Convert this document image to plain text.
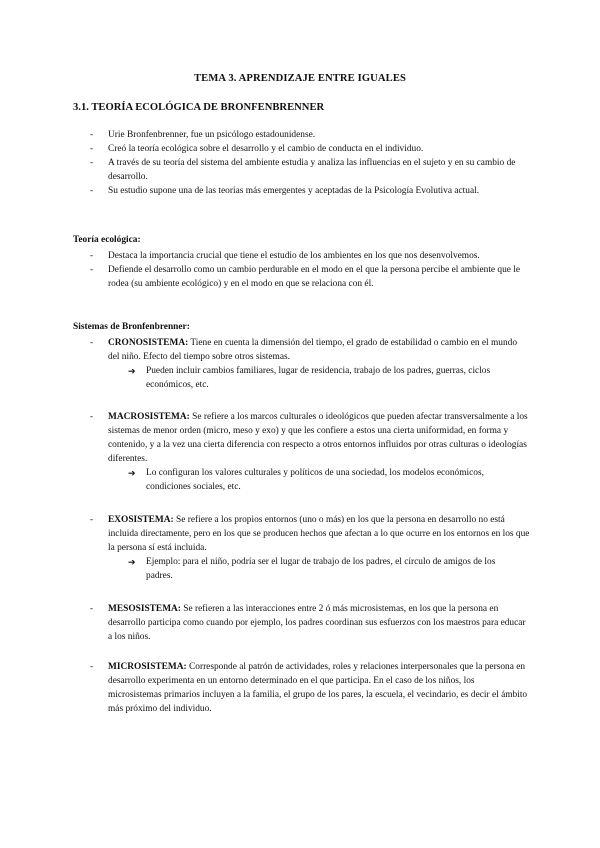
TEMA 3. APRENDIZAJE ENTRE IGUALES
3.1. TEORÍA ECOLÓGICA DE BRONFENBRENNER
- Urie Bronfenbrenner, fue un psicólogo estadounidense.
- Creó la teoría ecológica sobre el desarrollo y el cambio de conducta en el individuo.
- A través de su teoría del sistema del ambiente estudia y analiza las influencias en el sujeto y en su cambio de desarrollo.
- Su estudio supone una de las teorías más emergentes y aceptadas de la Psicología Evolutiva actual.
Teoría ecológica:
- Destaca la importancia crucial que tiene el estudio de los ambientes en los que nos desenvolvemos.
- Defiende el desarrollo como un cambio perdurable en el modo en el que la persona percibe el ambiente que le rodea (su ambiente ecológico) y en el modo en que se relaciona con él.
Sistemas de Bronfenbrenner:
-	CRONOSISTEMA: Tiene en cuenta la dimensión del tiempo, el grado de estabilidad o cambio en el mundo del niño. Efecto del tiempo sobre otros sistemas.
➔ Pueden incluir cambios familiares, lugar de residencia, trabajo de los padres, guerras, ciclos económicos, etc.
-	MACROSISTEMA: Se refiere a los marcos culturales o ideológicos que pueden afectar transversalmente a los sistemas de menor orden (micro, meso y exo) y que les confiere a estos una cierta uniformidad, en forma y contenido, y a la vez una cierta diferencia con respecto a otros entornos influidos por otras culturas o ideologías diferentes.
➔ Lo configuran los valores culturales y políticos de una sociedad, los modelos económicos, condiciones sociales, etc.
-	EXOSISTEMA: Se refiere a los propios entornos (uno o más) en los que la persona en desarrollo no está incluida directamente, pero en los que se producen hechos que afectan a lo que ocurre en los entornos en los que la persona sí está incluida.
➔ Ejemplo: para el niño, podría ser el lugar de trabajo de los padres, el círculo de amigos de los padres.
-	MESOSISTEMA: Se refieren a las interacciones entre 2 ó más microsistemas, en los que la persona en desarrollo participa como cuando por ejemplo, los padres coordinan sus esfuerzos con los maestros para educar a los niños.
-	MICROSISTEMA: Corresponde al patrón de actividades, roles y relaciones interpersonales que la persona en desarrollo experimenta en un entorno determinado en el que participa. En el caso de los niños, los microsistemas primarios incluyen a la familia, el grupo de los pares, la escuela, el vecindario, es decir el ámbito más próximo del individuo.
